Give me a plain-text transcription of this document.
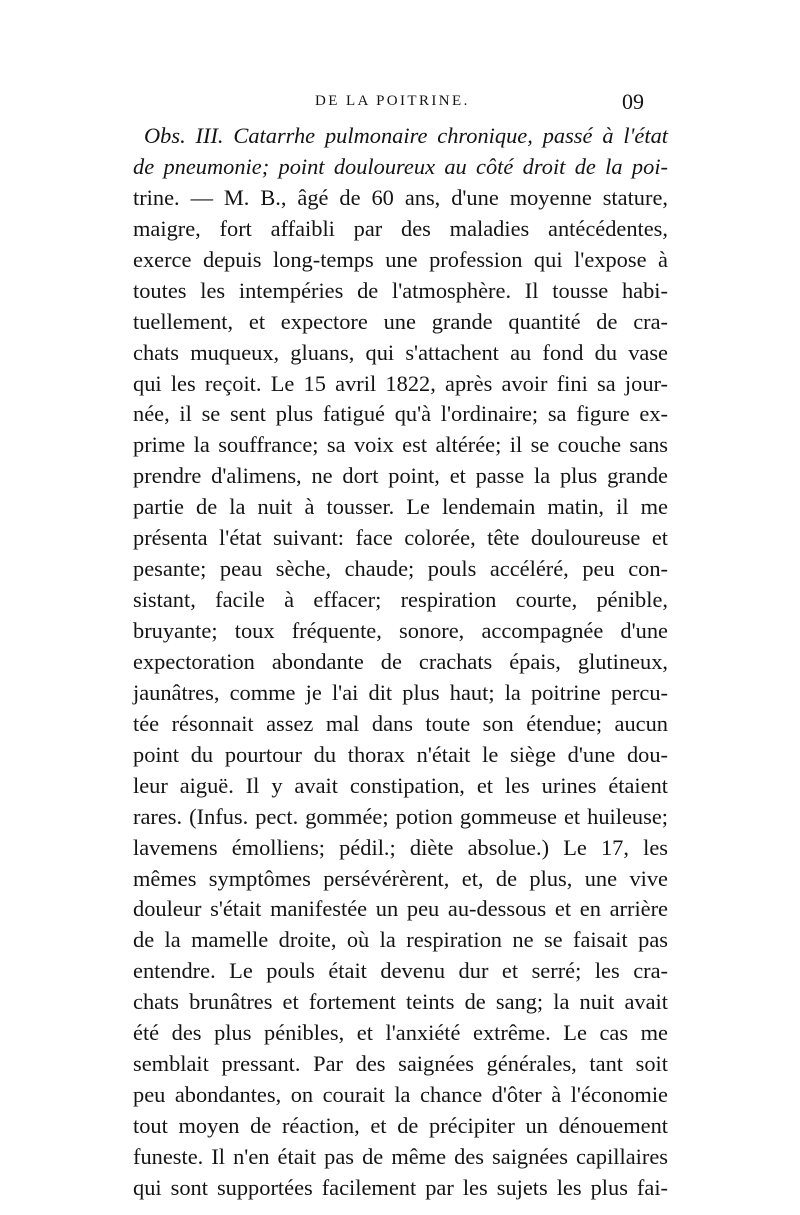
DE LA POITRINE.	09
Obs. III. Catarrhe pulmonaire chronique, passé à l'état
de pneumonie; point douloureux au côté droit de la poi-
trine. — M. B., âgé de 60 ans, d'une moyenne stature,
maigre, fort affaibli par des maladies antécédentes,
exerce depuis long-temps une profession qui l'expose à
toutes les intempéries de l'atmosphère. Il tousse habi-
tuellement, et expectore une grande quantité de cra-
chats muqueux, gluans, qui s'attachent au fond du vase
qui les reçoit. Le 15 avril 1822, après avoir fini sa jour-
née, il se sent plus fatigué qu'à l'ordinaire; sa figure ex-
prime la souffrance; sa voix est altérée; il se couche sans
prendre d'alimens, ne dort point, et passe la plus grande
partie de la nuit à tousser. Le lendemain matin, il me
présenta l'état suivant: face colorée, tête douloureuse et
pesante; peau sèche, chaude; pouls accéléré, peu con-
sistant, facile à effacer; respiration courte, pénible,
bruyante; toux fréquente, sonore, accompagnée d'une
expectoration abondante de crachats épais, glutineux,
jaunâtres, comme je l'ai dit plus haut; la poitrine percu-
tée résonnait assez mal dans toute son étendue; aucun
point du pourtour du thorax n'était le siège d'une dou-
leur aiguë. Il y avait constipation, et les urines étaient
rares. (Infus. pect. gommée; potion gommeuse et huileuse;
lavemens émolliens; pédil.; diète absolue.) Le 17, les
mêmes symptômes persévérèrent, et, de plus, une vive
douleur s'était manifestée un peu au-dessous et en arrière
de la mamelle droite, où la respiration ne se faisait pas
entendre. Le pouls était devenu dur et serré; les cra-
chats brunâtres et fortement teints de sang; la nuit avait
été des plus pénibles, et l'anxiété extrême. Le cas me
semblait pressant. Par des saignées générales, tant soit
peu abondantes, on courait la chance d'ôter à l'économie
tout moyen de réaction, et de précipiter un dénouement
funeste. Il n'en était pas de même des saignées capillaires
qui sont supportées facilement par les sujets les plus fai-
